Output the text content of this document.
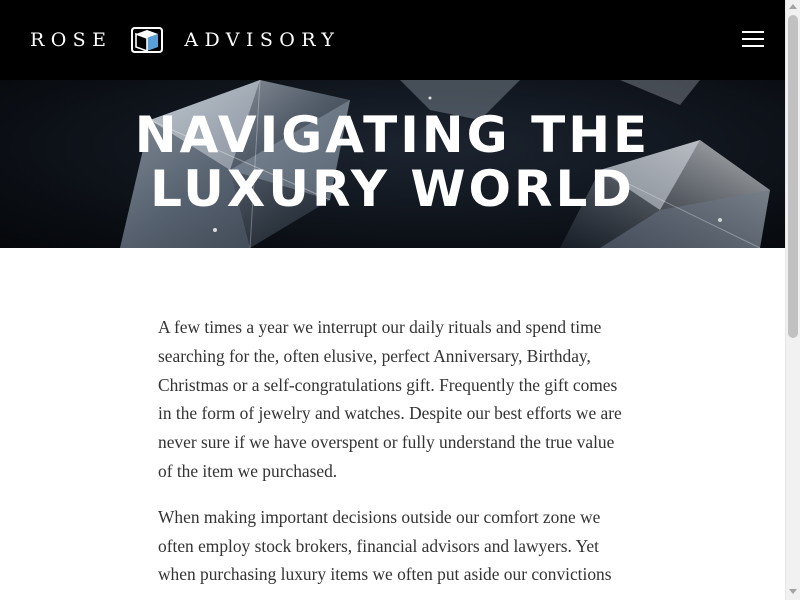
ROSE	ADVISORY
NAVIGATING THE
LUXURY WORLD

A few times a year we interrupt our daily rituals and spend time searching for the, often elusive, perfect Anniversary, Birthday, Christmas or a self-congratulations gift. Frequently the gift comes in the form of jewelry and watches. Despite our best efforts we are never sure if we have overspent or fully understand the true value of the item we purchased.

When making important decisions outside our comfort zone we often employ stock brokers, financial advisors and lawyers. Yet when purchasing luxury items we often put aside our convictions
